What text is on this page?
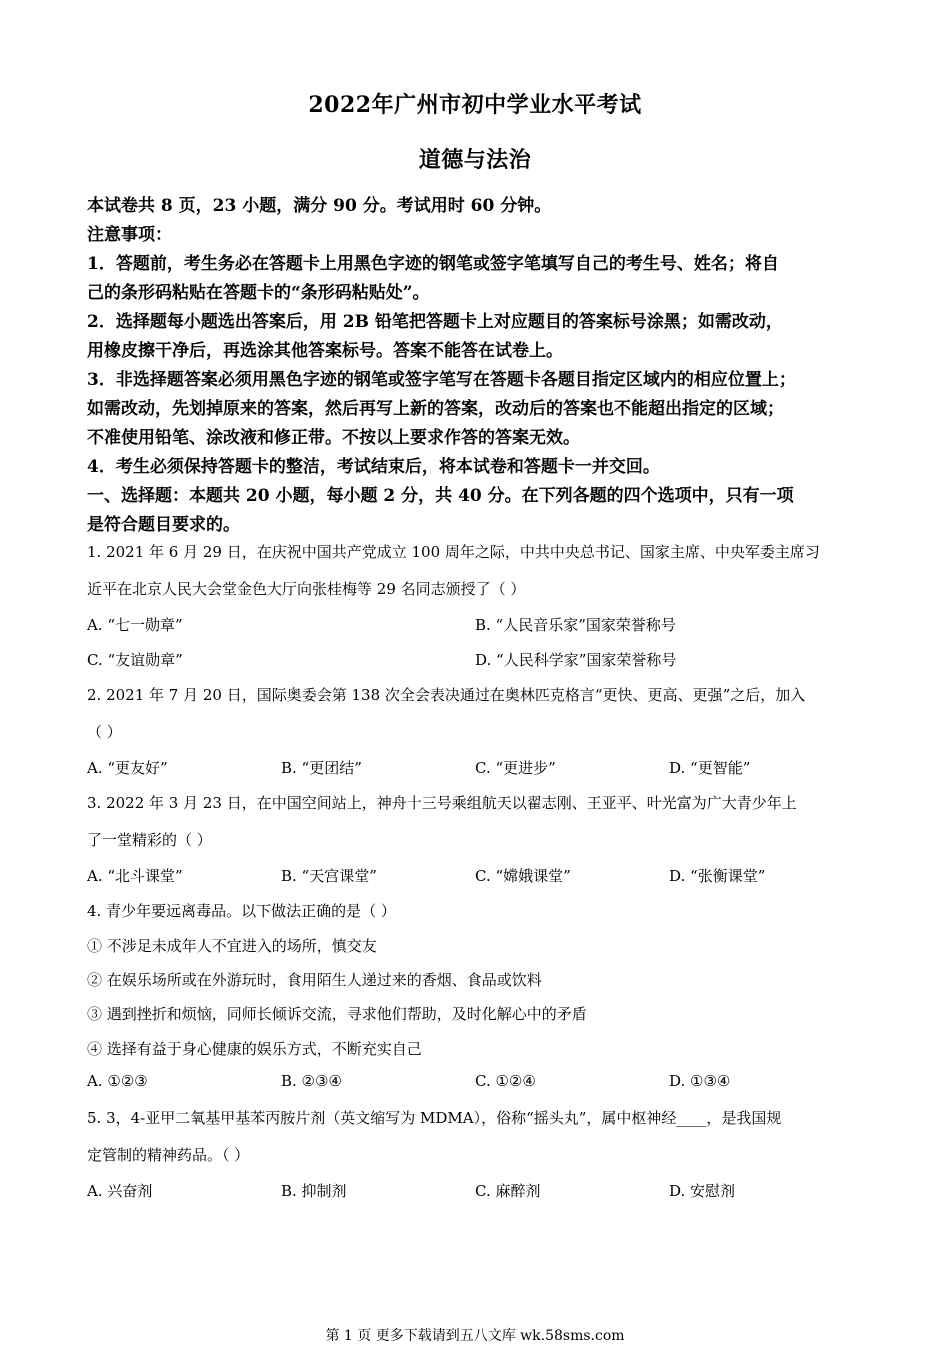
2022年广州市初中学业水平考试
道德与法治
本试卷共 8 页，23 小题，满分 90 分。考试用时 60 分钟。
注意事项：
1．答题前，考生务必在答题卡上用黑色字迹的钢笔或签字笔填写自己的考生号、姓名；将自
己的条形码粘贴在答题卡的“条形码粘贴处”。
2．选择题每小题选出答案后，用 2B 铅笔把答题卡上对应题目的答案标号涂黑；如需改动，
用橡皮擦干净后，再选涂其他答案标号。答案不能答在试卷上。
3．非选择题答案必须用黑色字迹的钢笔或签字笔写在答题卡各题目指定区域内的相应位置上；
如需改动，先划掉原来的答案，然后再写上新的答案，改动后的答案也不能超出指定的区域；
不准使用铅笔、涂改液和修正带。不按以上要求作答的答案无效。
4．考生必须保持答题卡的整洁，考试结束后，将本试卷和答题卡一并交回。
一、选择题：本题共 20 小题，每小题 2 分，共 40 分。在下列各题的四个选项中，只有一项
是符合题目要求的。
1. 2021 年 6 月 29 日，在庆祝中国共产党成立 100 周年之际，中共中央总书记、国家主席、中央军委主席习
近平在北京人民大会堂金色大厅向张桂梅等 29 名同志颁授了（ ）
A. “七一勋章”	B. “人民音乐家”国家荣誉称号
C. “友谊勋章”	D. “人民科学家”国家荣誉称号
2. 2021 年 7 月 20 日，国际奥委会第 138 次全会表决通过在奥林匹克格言“更快、更高、更强”之后，加入
（ ）
A. “更友好”	B. “更团结”	C. “更进步”	D. “更智能”
3. 2022 年 3 月 23 日，在中国空间站上，神舟十三号乘组航天以翟志刚、王亚平、叶光富为广大青少年上
了一堂精彩的（ ）
A. “北斗课堂”	B. “天宫课堂”	C. “嫦娥课堂”	D. “张衡课堂”
4. 青少年要远离毒品。以下做法正确的是（ ）
① 不涉足未成年人不宜进入的场所，慎交友
② 在娱乐场所或在外游玩时，食用陌生人递过来的香烟、食品或饮料
③ 遇到挫折和烦恼，同师长倾诉交流，寻求他们帮助，及时化解心中的矛盾
④ 选择有益于身心健康的娱乐方式，不断充实自己
A. ①②③	B. ②③④	C. ①②④	D. ①③④
5. 3，4-亚甲二氧基甲基苯丙胺片剂（英文缩写为 MDMA），俗称“摇头丸”，属中枢神经____，是我国规
定管制的精神药品。（ ）
A. 兴奋剂	B. 抑制剂	C. 麻醉剂	D. 安慰剂
第 1 页 更多下载请到五八文库 wk.58sms.com
